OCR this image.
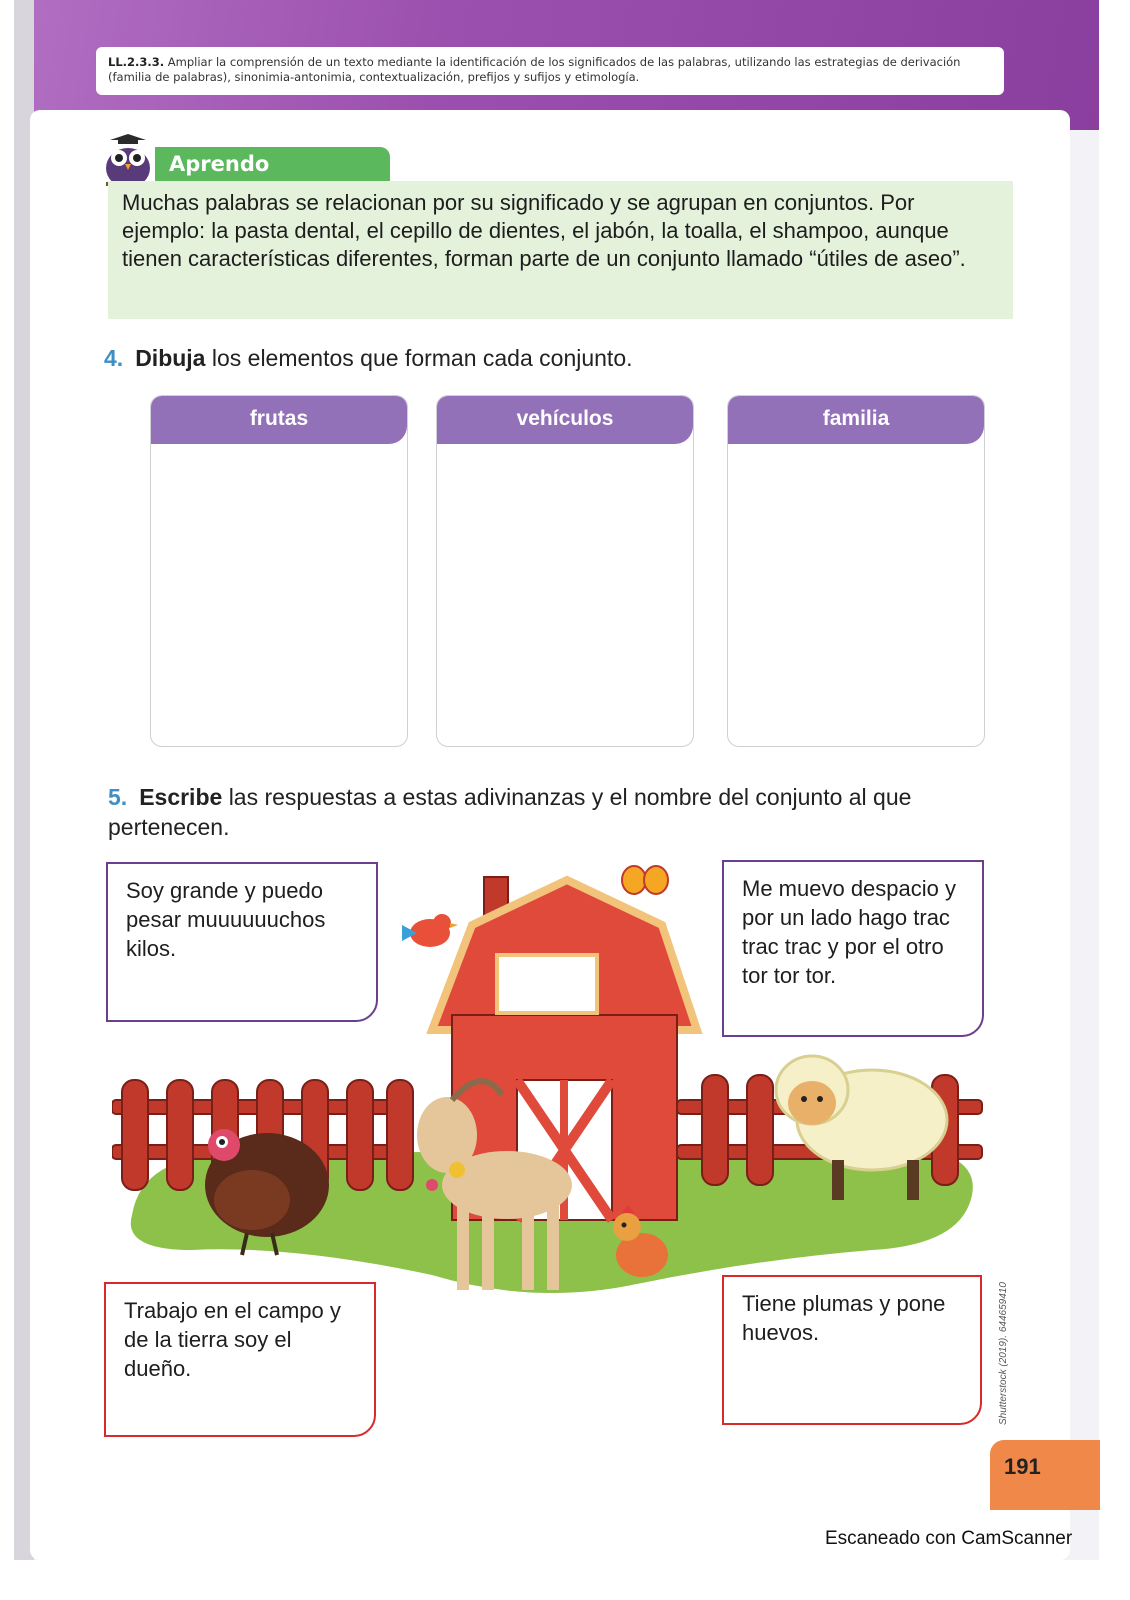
LL.2.3.3. Ampliar la comprensión de un texto mediante la identificación de los significados de las palabras, utilizando las estrategias de derivación (familia de palabras), sinonimia-antonimia, contextualización, prefijos y sufijos y etimología.
Aprendo
Muchas palabras se relacionan por su significado y se agrupan en conjuntos. Por ejemplo: la pasta dental, el cepillo de dientes, el jabón, la toalla, el shampoo, aunque tienen características diferentes, forman parte de un conjunto llamado “útiles de aseo”.
4. Dibuja los elementos que forman cada conjunto.
frutas	vehículos	familia
5. Escribe las respuestas a estas adivinanzas y el nombre del conjunto al que pertenecen.
Soy grande y puedo pesar muuuuuuchos kilos.
Me muevo despacio y por un lado hago trac trac trac y por el otro tor tor tor.
Trabajo en el campo y de la tierra soy el dueño.
Tiene plumas y pone huevos.	Shutterstock (2019). 644659410
191
Escaneado con CamScanner
